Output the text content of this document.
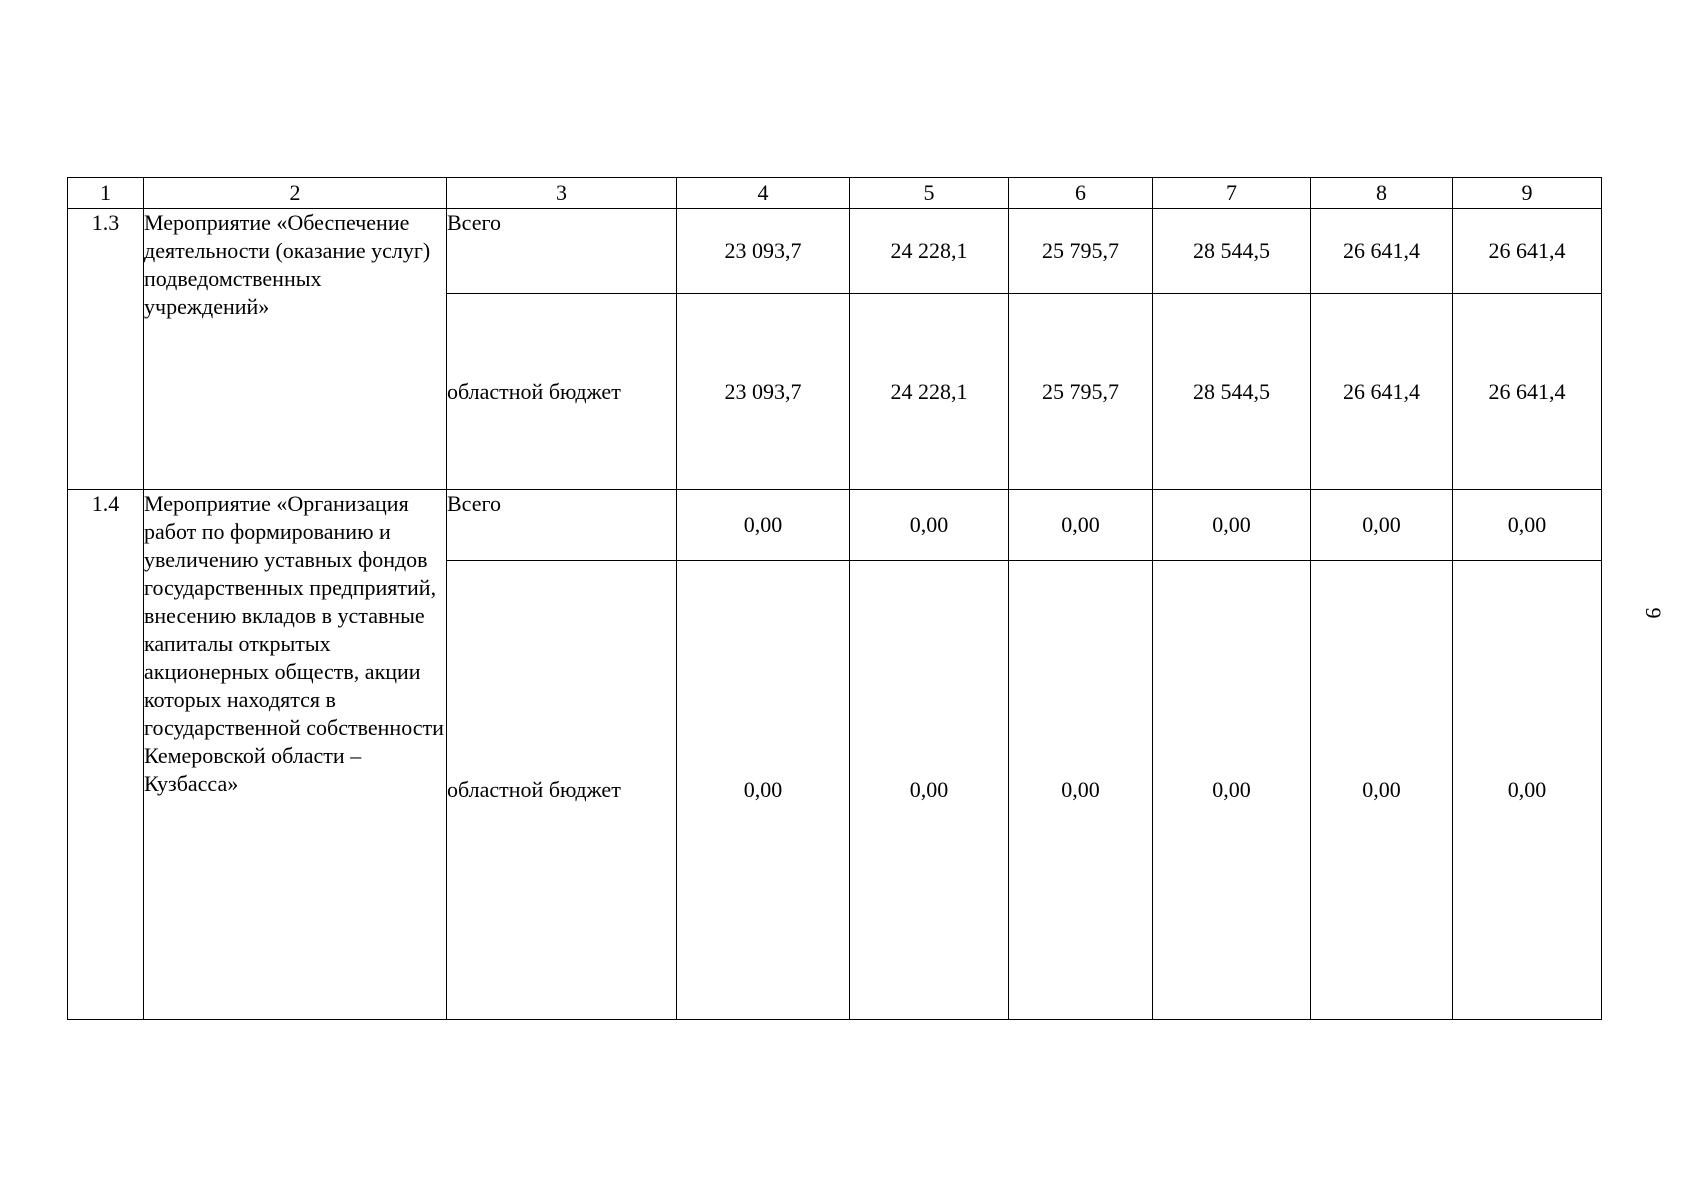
1	2	3	4	5	6	7	8	9
1.3	Мероприятие «Обеспечение деятельности (оказание услуг) подведомственных учреждений»	Всего	23 093,7	24 228,1	25 795,7	28 544,5	26 641,4	26 641,4
		областной бюджет	23 093,7	24 228,1	25 795,7	28 544,5	26 641,4	26 641,4
1.4	Мероприятие «Организация работ по формированию и увеличению уставных фондов государственных предприятий, внесению вкладов в уставные капиталы открытых акционерных обществ, акции которых находятся в государственной собственности Кемеровской области – Кузбасса»	Всего	0,00	0,00	0,00	0,00	0,00	0,00
		областной бюджет	0,00	0,00	0,00	0,00	0,00	0,00
9
